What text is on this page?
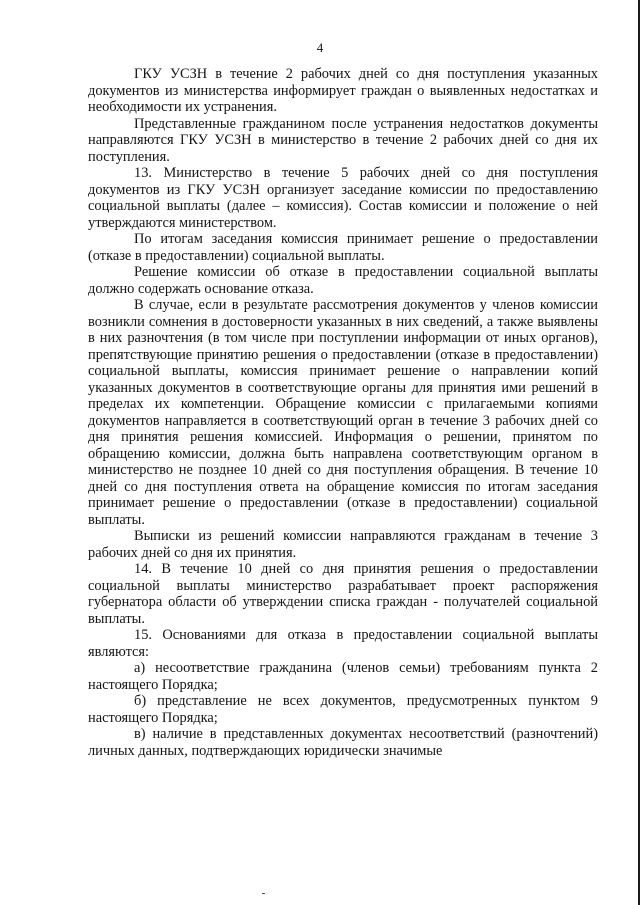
4

ГКУ УСЗН в течение 2 рабочих дней со дня поступления указанных документов из министерства информирует граждан о выявленных недостатках и необходимости их устранения.

Представленные гражданином после устранения недостатков документы направляются ГКУ УСЗН в министерство в течение 2 рабочих дней со дня их поступления.

13. Министерство в течение 5 рабочих дней со дня поступления документов из ГКУ УСЗН организует заседание комиссии по предоставлению социальной выплаты (далее – комиссия). Состав комиссии и положение о ней утверждаются министерством.

По итогам заседания комиссия принимает решение о предоставлении (отказе в предоставлении) социальной выплаты.

Решение комиссии об отказе в предоставлении социальной выплаты должно содержать основание отказа.

В случае, если в результате рассмотрения документов у членов комиссии возникли сомнения в достоверности указанных в них сведений, а также выявлены в них разночтения (в том числе при поступлении информации от иных органов), препятствующие принятию решения о предоставлении (отказе в предоставлении) социальной выплаты, комиссия принимает решение о направлении копий указанных документов в соответствующие органы для принятия ими решений в пределах их компетенции. Обращение комиссии с прилагаемыми копиями документов направляется в соответствующий орган в течение 3 рабочих дней со дня принятия решения комиссией. Информация о решении, принятом по обращению комиссии, должна быть направлена соответствующим органом в министерство не позднее 10 дней со дня поступления обращения. В течение 10 дней со дня поступления ответа на обращение комиссия по итогам заседания принимает решение о предоставлении (отказе в предоставлении) социальной выплаты.

Выписки из решений комиссии направляются гражданам в течение 3 рабочих дней со дня их принятия.

14. В течение 10 дней со дня принятия решения о предоставлении социальной выплаты министерство разрабатывает проект распоряжения губернатора области об утверждении списка граждан - получателей социальной выплаты.

15. Основаниями для отказа в предоставлении социальной выплаты являются:

а) несоответствие гражданина (членов семьи) требованиям пункта 2 настоящего Порядка;

б) представление не всех документов, предусмотренных пунктом 9 настоящего Порядка;

в) наличие в представленных документах несоответствий (разночтений) личных данных, подтверждающих юридически значимые
